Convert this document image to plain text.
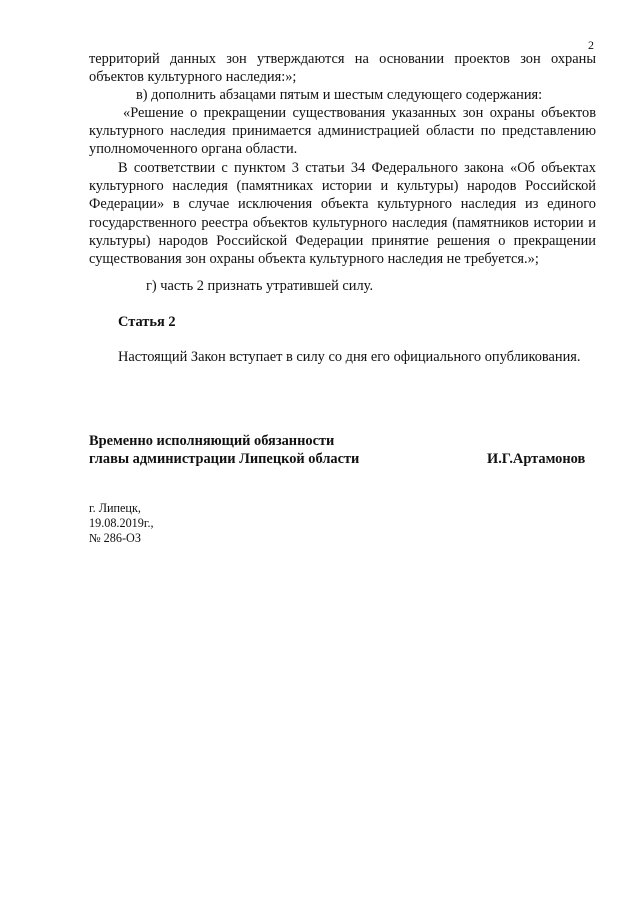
2

территорий данных зон утверждаются на основании проектов зон охраны объектов культурного наследия:»;

в) дополнить абзацами пятым и шестым следующего содержания:

«Решение о прекращении существования указанных зон охраны объектов культурного наследия принимается администрацией области по представлению уполномоченного органа области.

В соответствии с пунктом 3 статьи 34 Федерального закона «Об объектах культурного наследия (памятниках истории и культуры) народов Российской Федерации» в случае исключения объекта культурного наследия из единого государственного реестра объектов культурного наследия (памятников истории и культуры) народов Российской Федерации принятие решения о прекращении существования зон охраны объекта культурного наследия не требуется.»;

г) часть 2 признать утратившей силу.
Статья 2

Настоящий Закон вступает в силу со дня его официального опубликования.

Временно исполняющий обязанности
главы администрации Липецкой области	И.Г.Артамонов
г. Липецк,
19.08.2019г.,
№ 286-ОЗ
